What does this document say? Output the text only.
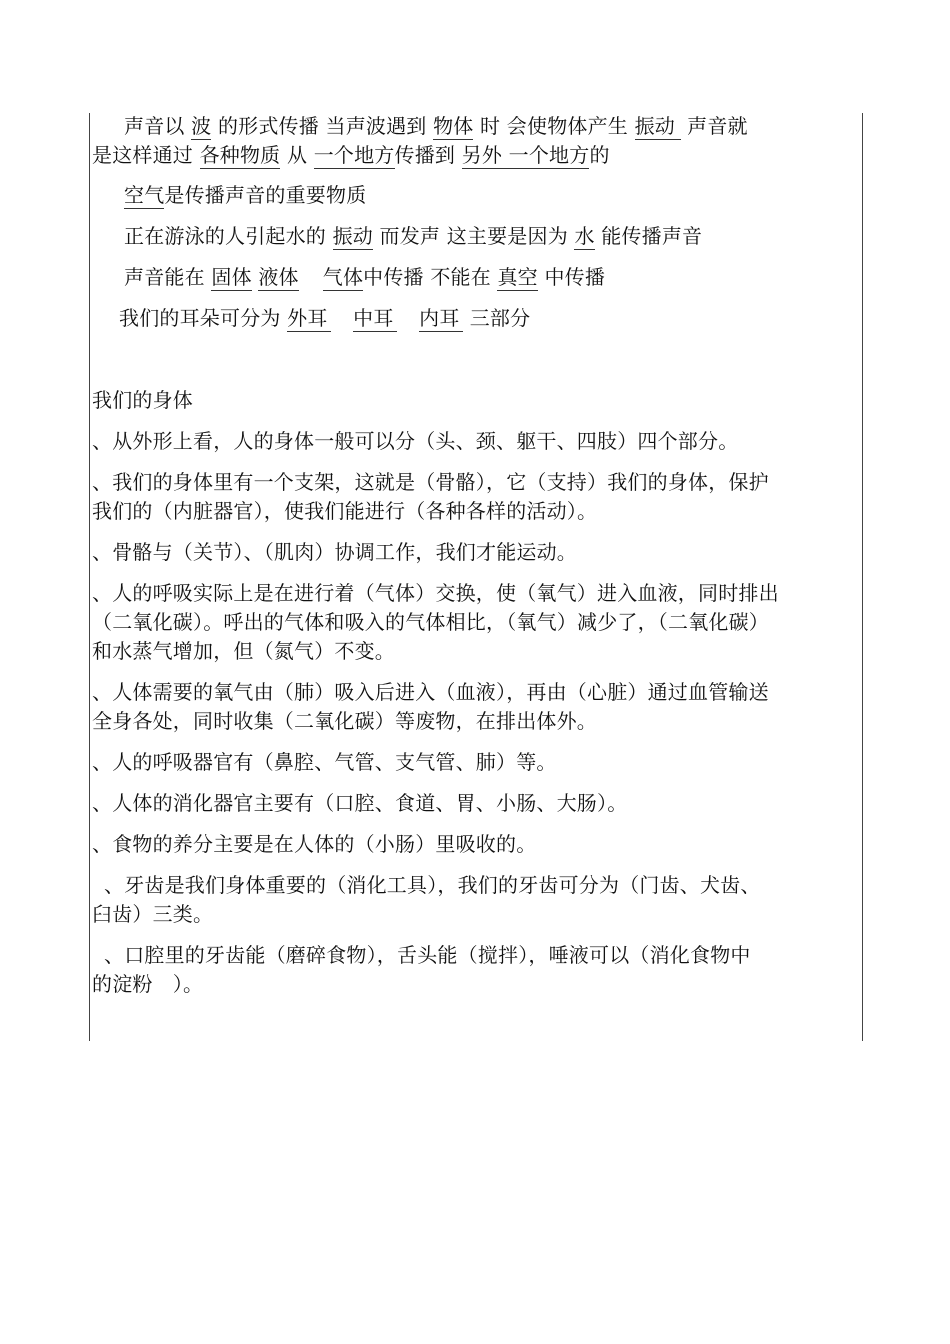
声音以 波 的形式传播 当声波遇到 物体 时 会使物体产生 振动 声音就
是这样通过 各种物质 从 一个地方传播到 另外 一个地方的
空气是传播声音的重要物质
正在游泳的人引起水的 振动 而发声 这主要是因为 水 能传播声音
声音能在 固体 液体 气体中传播 不能在 真空 中传播
我们的耳朵可分为 外耳 中耳 内耳 三部分
我们的身体
、从外形上看，人的身体一般可以分（头、颈、躯干、四肢）四个部分。
、我们的身体里有一个支架，这就是（骨骼），它（支持）我们的身体，保护
我们的（内脏器官），使我们能进行（各种各样的活动）。
、骨骼与（关节）、（肌肉）协调工作，我们才能运动。
、人的呼吸实际上是在进行着（气体）交换，使（氧气）进入血液，同时排出
（二氧化碳）。呼出的气体和吸入的气体相比，（氧气）减少了，（二氧化碳）
和水蒸气增加，但（氮气）不变。
、人体需要的氧气由（肺）吸入后进入（血液），再由（心脏）通过血管输送
全身各处，同时收集（二氧化碳）等废物，在排出体外。
、人的呼吸器官有（鼻腔、气管、支气管、肺）等。
、人体的消化器官主要有（口腔、食道、胃、小肠、大肠）。
、食物的养分主要是在人体的（小肠）里吸收的。
、牙齿是我们身体重要的（消化工具），我们的牙齿可分为（门齿、犬齿、
臼齿）三类。
、口腔里的牙齿能（磨碎食物），舌头能（搅拌），唾液可以（消化食物中
的淀粉　）。
